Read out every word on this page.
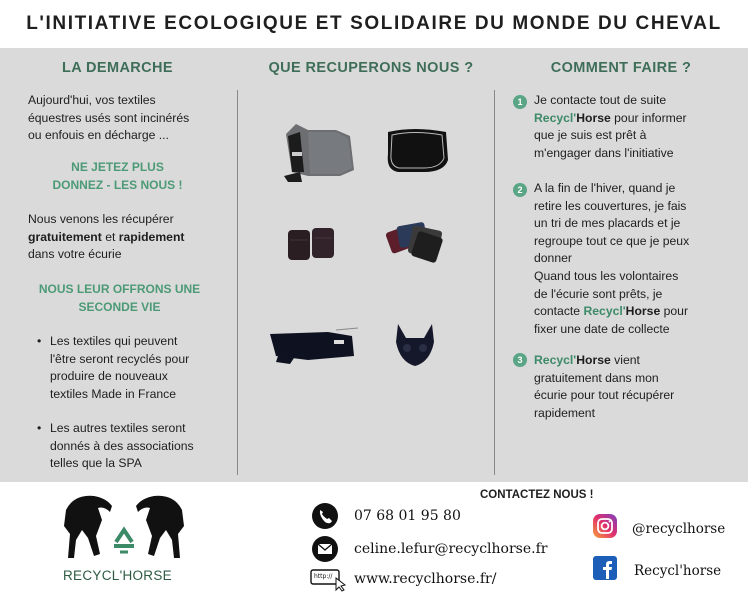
L'INITIATIVE ECOLOGIQUE ET SOLIDAIRE DU MONDE DU CHEVAL
LA DEMARCHE
Aujourd'hui, vos textiles
équestres usés sont incinérés
ou enfouis en décharge ...
NE JETEZ PLUS
DONNEZ - LES NOUS !
Nous venons les récupérer
gratuitement et rapidement
dans votre écurie
NOUS LEUR OFFRONS UNE
SECONDE VIE
• Les textiles qui peuvent
l'être seront recyclés pour
produire de nouveaux
textiles Made in France
• Les autres textiles seront
donnés à des associations
telles que la SPA
QUE RECUPERONS NOUS ?	COMMENT FAIRE ?
1 Je contacte tout de suite
Recycl'Horse pour informer
que je suis est prêt à
m'engager dans l'initiative
2 A la fin de l'hiver, quand je
retire les couvertures, je fais
un tri de mes placards et je
regroupe tout ce que je peux
donner
Quand tous les volontaires
de l'écurie sont prêts, je
contacte Recycl'Horse pour
fixer une date de collecte
3 Recycl'Horse vient
gratuitement dans mon
écurie pour tout récupérer
rapidement
RECYCL'HORSE
CONTACTEZ NOUS !
07 68 01 95 80
celine.lefur@recyclhorse.fr
http:// www.recyclhorse.fr/
@recyclhorse
Recycl'horse
